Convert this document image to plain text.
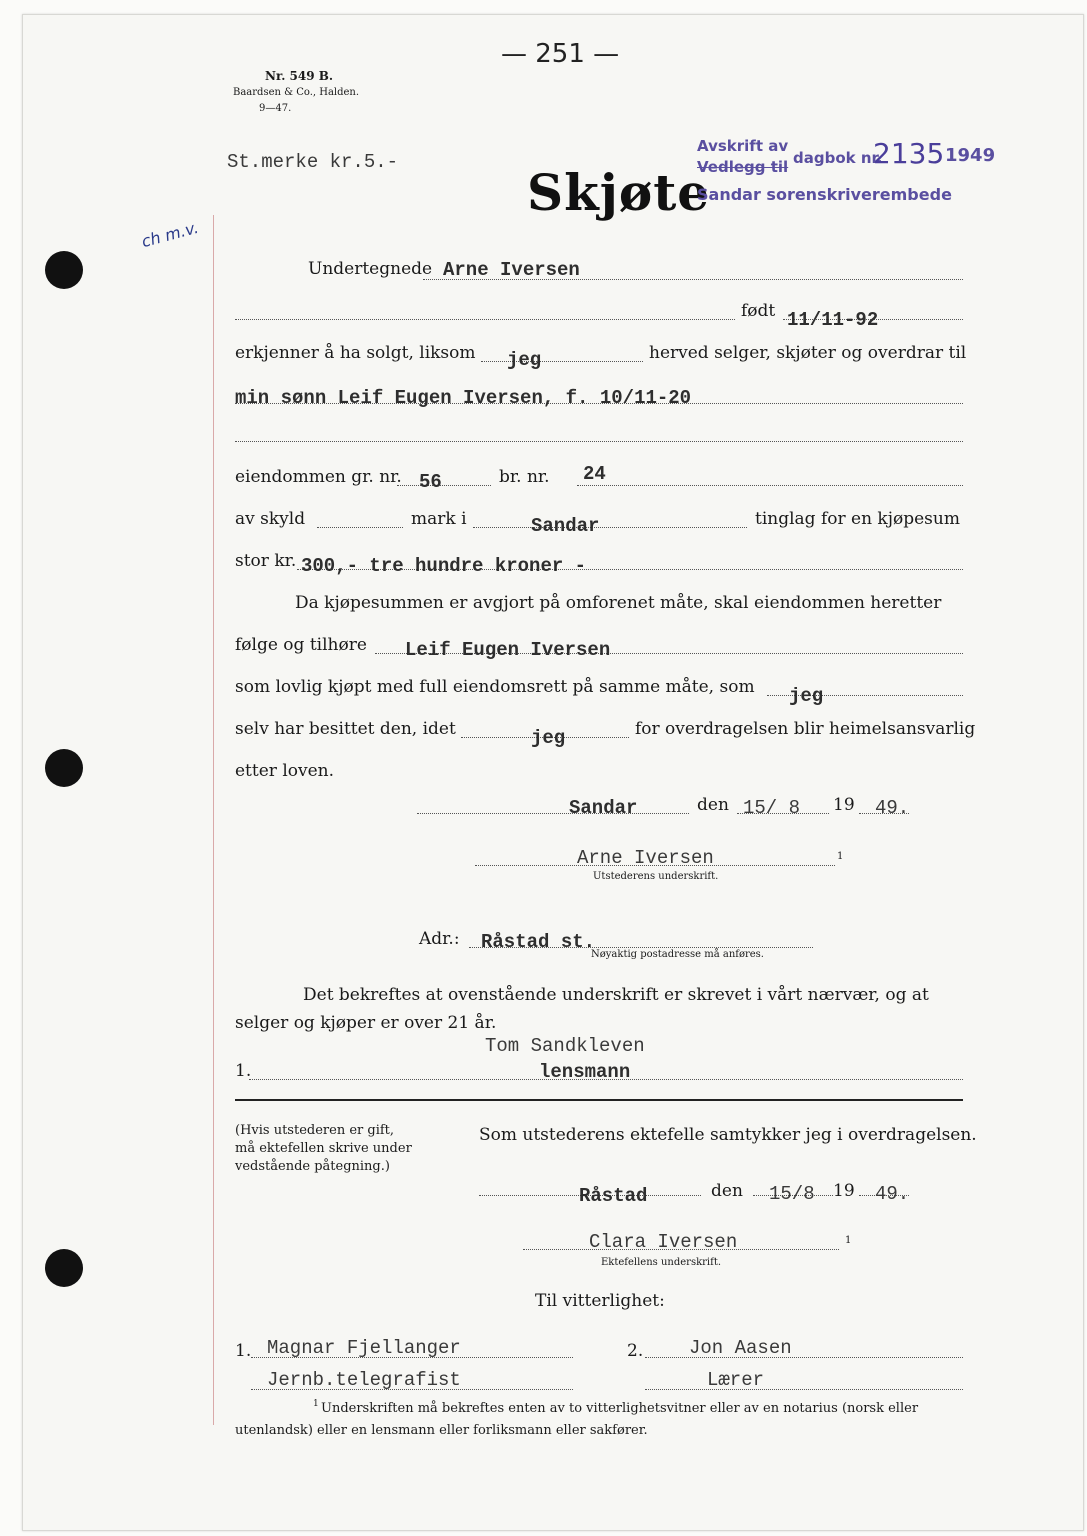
— 251 —
Nr. 549 B.
Baardsen & Co., Halden.
9—47.
St.merke kr.5.-
Skjøte
Avskrift av
Vedlegg til dagbok nr.
2135 1949
Sandar sorenskriverembede
ch m.v.
Undertegnede Arne Iversen
født 11/11-92
erkjenner å ha solgt, liksom jeg	herved selger, skjøter og overdrar til
min sønn Leif Eugen Iversen, f. 10/11-20
eiendommen gr. nr. 56	br. nr. 24
av skyld	mark i	Sandar	tinglag for en kjøpesum
stor kr. 300,- tre hundre kroner -
Da kjøpesummen er avgjort på omforenet måte, skal eiendommen heretter
følge og tilhøre Leif Eugen Iversen
som lovlig kjøpt med full eiendomsrett på samme måte, som jeg
selv har besittet den, idet	jeg	for overdragelsen blir heimelsansvarlig
etter loven.
Sandar	den 15/ 8 19 49.
Arne Iversen	1
Utstederens underskrift.
Adr.: Råstad st.
Nøyaktig postadresse må anføres.
Det bekreftes at ovenstående underskrift er skrevet i vårt nærvær, og at
selger og kjøper er over 21 år.
Tom Sandkleven
1.	lensmann
(Hvis utstederen er gift,
må ektefellen skrive under
vedstående påtegning.)
Som utstederens ektefelle samtykker jeg i overdragelsen.
Råstad	den 15/8 19 49.
Clara Iversen	1
Ektefellens underskrift.
Til vitterlighet:
1. Magnar Fjellanger
Jernb.telegrafist
2. Jon Aasen
Lærer
1 Underskriften må bekreftes enten av to vitterlighetsvitner eller av en notarius (norsk eller
utenlandsk) eller en lensmann eller forliksmann eller sakfører.
